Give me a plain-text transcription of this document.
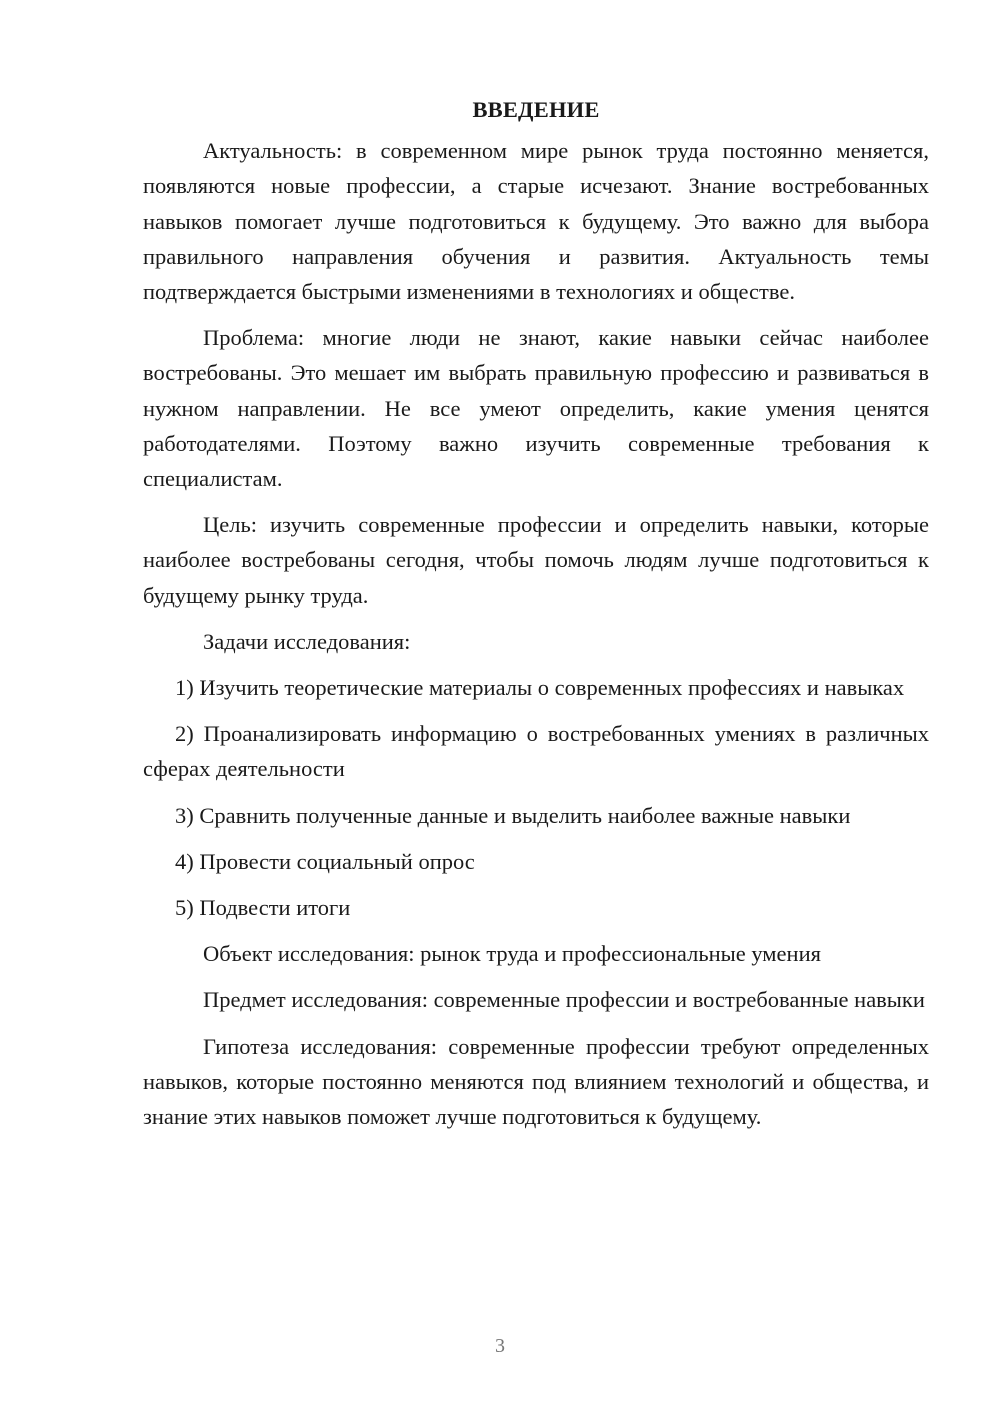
ВВЕДЕНИЕ

Актуальность: в современном мире рынок труда постоянно меняется, появляются новые профессии, а старые исчезают. Знание востребованных навыков помогает лучше подготовиться к будущему. Это важно для выбора правильного направления обучения и развития. Актуальность темы подтверждается быстрыми изменениями в технологиях и обществе.

Проблема: многие люди не знают, какие навыки сейчас наиболее востребованы. Это мешает им выбрать правильную профессию и развиваться в нужном направлении. Не все умеют определить, какие умения ценятся работодателями. Поэтому важно изучить современные требования к специалистам.

Цель: изучить современные профессии и определить навыки, которые наиболее востребованы сегодня, чтобы помочь людям лучше подготовиться к будущему рынку труда.

Задачи исследования:

1) Изучить теоретические материалы о современных профессиях и навыках

2) Проанализировать информацию о востребованных умениях в различных сферах деятельности

3) Сравнить полученные данные и выделить наиболее важные навыки

4) Провести социальный опрос

5) Подвести итоги

Объект исследования: рынок труда и профессиональные умения

Предмет исследования: современные профессии и востребованные навыки

Гипотеза исследования: современные профессии требуют определенных навыков, которые постоянно меняются под влиянием технологий и общества, и знание этих навыков поможет лучше подготовиться к будущему.

3
